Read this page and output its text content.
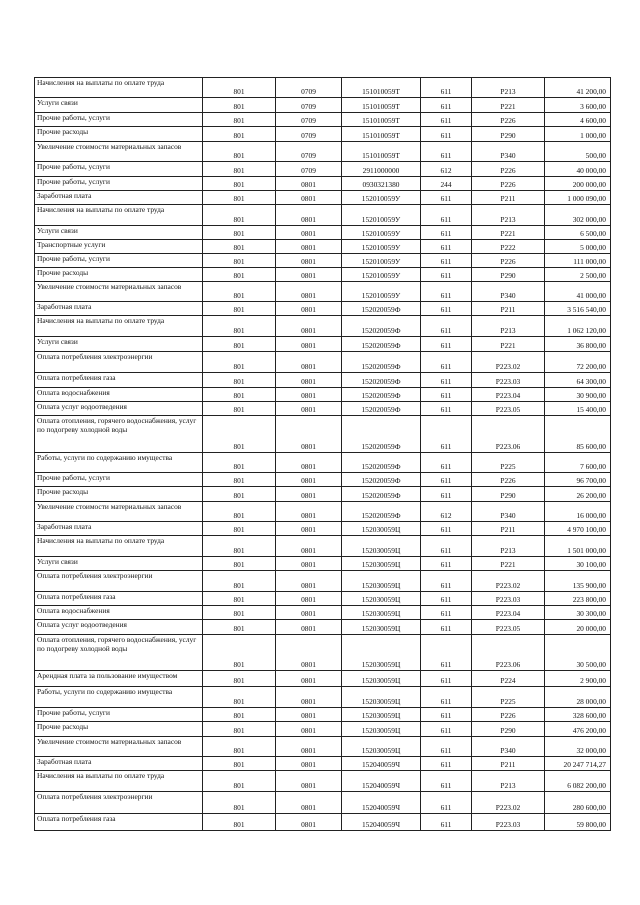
Начисления на выплаты по оплате труда	801	0709	151010059Т	611	Р213	41 200,00
Услуги связи	801	0709	151010059Т	611	Р221	3 600,00
Прочие работы, услуги	801	0709	151010059Т	611	Р226	4 600,00
Прочие расходы	801	0709	151010059Т	611	Р290	1 000,00
Увеличение стоимости материальных запасов	801	0709	151010059Т	611	Р340	500,00
Прочие работы, услуги	801	0709	2911000000	612	Р226	40 000,00
Прочие работы, услуги	801	0801	0930321380	244	Р226	200 000,00
Заработная плата	801	0801	152010059У	611	Р211	1 000 090,00
Начисления на выплаты по оплате труда	801	0801	152010059У	611	Р213	302 000,00
Услуги связи	801	0801	152010059У	611	Р221	6 500,00
Транспортные услуги	801	0801	152010059У	611	Р222	5 000,00
Прочие работы, услуги	801	0801	152010059У	611	Р226	111 000,00
Прочие расходы	801	0801	152010059У	611	Р290	2 500,00
Увеличение стоимости материальных запасов	801	0801	152010059У	611	Р340	41 000,00
Заработная плата	801	0801	152020059Ф	611	Р211	3 516 540,00
Начисления на выплаты по оплате труда	801	0801	152020059Ф	611	Р213	1 062 120,00
Услуги связи	801	0801	152020059Ф	611	Р221	36 800,00
Оплата потребления электроэнергии	801	0801	152020059Ф	611	Р223.02	72 200,00
Оплата потребления газа	801	0801	152020059Ф	611	Р223.03	64 300,00
Оплата водоснабжения	801	0801	152020059Ф	611	Р223.04	30 900,00
Оплата услуг водоотведения	801	0801	152020059Ф	611	Р223.05	15 400,00
Оплата отопления, горячего водоснабжения, услуг по подогреву холодной воды	801	0801	152020059Ф	611	Р223.06	85 600,00
Работы, услуги по содержанию имущества	801	0801	152020059Ф	611	Р225	7 600,00
Прочие работы, услуги	801	0801	152020059Ф	611	Р226	96 700,00
Прочие расходы	801	0801	152020059Ф	611	Р290	26 200,00
Увеличение стоимости материальных запасов	801	0801	152020059Ф	612	Р340	16 000,00
Заработная плата	801	0801	152030059Ц	611	Р211	4 970 100,00
Начисления на выплаты по оплате труда	801	0801	152030059Ц	611	Р213	1 501 000,00
Услуги связи	801	0801	152030059Ц	611	Р221	30 100,00
Оплата потребления электроэнергии	801	0801	152030059Ц	611	Р223.02	135 900,00
Оплата потребления газа	801	0801	152030059Ц	611	Р223.03	223 800,00
Оплата водоснабжения	801	0801	152030059Ц	611	Р223.04	30 300,00
Оплата услуг водоотведения	801	0801	152030059Ц	611	Р223.05	20 000,00
Оплата отопления, горячего водоснабжения, услуг по подогреву холодной воды	801	0801	152030059Ц	611	Р223.06	30 500,00
Арендная плата за пользование имуществом	801	0801	152030059Ц	611	Р224	2 900,00
Работы, услуги по содержанию имущества	801	0801	152030059Ц	611	Р225	28 000,00
Прочие работы, услуги	801	0801	152030059Ц	611	Р226	328 600,00
Прочие расходы	801	0801	152030059Ц	611	Р290	476 200,00
Увеличение стоимости материальных запасов	801	0801	152030059Ц	611	Р340	32 000,00
Заработная плата	801	0801	152040059Ч	611	Р211	20 247 714,27
Начисления на выплаты по оплате труда	801	0801	152040059Ч	611	Р213	6 082 200,00
Оплата потребления электроэнергии	801	0801	152040059Ч	611	Р223.02	280 600,00
Оплата потребления газа	801	0801	152040059Ч	611	Р223.03	59 800,00
